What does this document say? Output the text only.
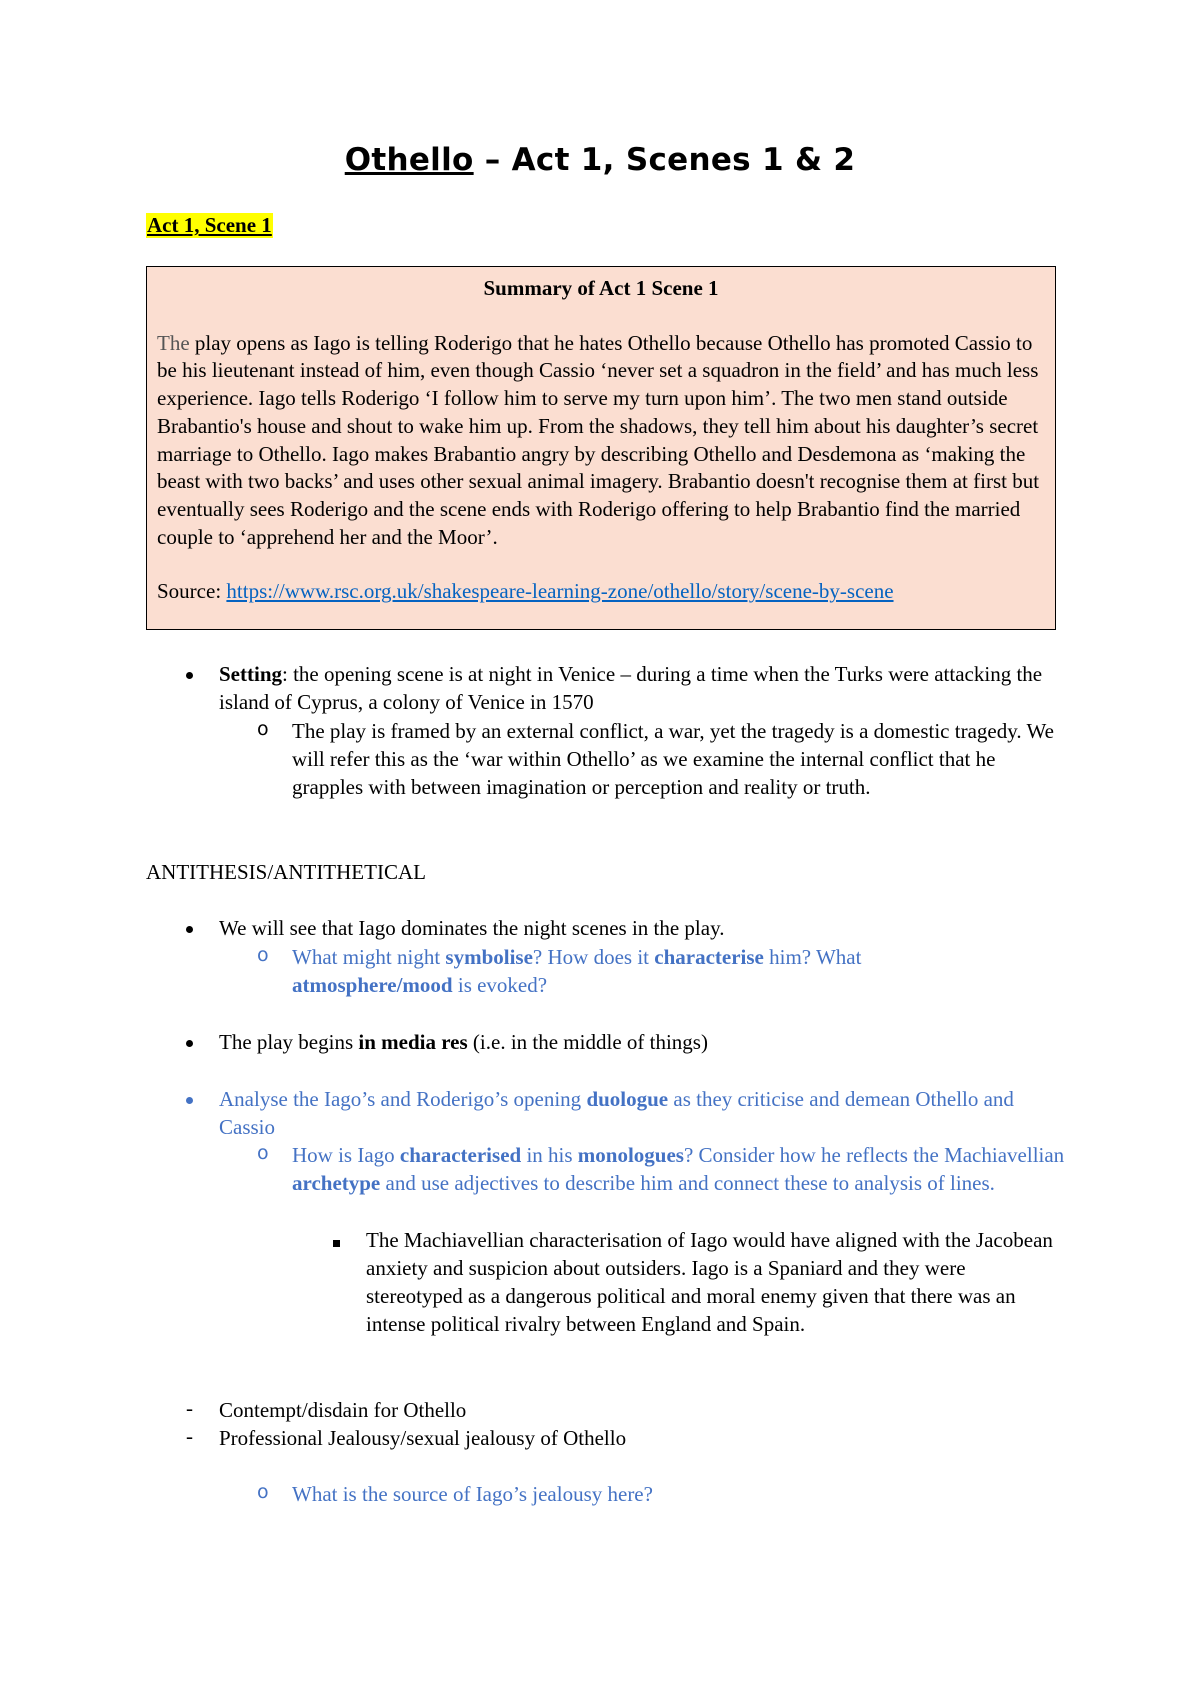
Othello – Act 1, Scenes 1 & 2
Act 1, Scene 1
Summary of Act 1 Scene 1
The play opens as Iago is telling Roderigo that he hates Othello because Othello has promoted Cassio to be his lieutenant instead of him, even though Cassio ‘never set a squadron in the field’ and has much less experience. Iago tells Roderigo ‘I follow him to serve my turn upon him’. The two men stand outside Brabantio's house and shout to wake him up. From the shadows, they tell him about his daughter’s secret marriage to Othello. Iago makes Brabantio angry by describing Othello and Desdemona as ‘making the beast with two backs’ and uses other sexual animal imagery. Brabantio doesn't recognise them at first but eventually sees Roderigo and the scene ends with Roderigo offering to help Brabantio find the married couple to ‘apprehend her and the Moor’.
Source: https://www.rsc.org.uk/shakespeare-learning-zone/othello/story/scene-by-scene
Setting: the opening scene is at night in Venice – during a time when the Turks were attacking the island of Cyprus, a colony of Venice in 1570
o The play is framed by an external conflict, a war, yet the tragedy is a domestic tragedy. We will refer this as the ‘war within Othello’ as we examine the internal conflict that he grapples with between imagination or perception and reality or truth.
ANTITHESIS/ANTITHETICAL
We will see that Iago dominates the night scenes in the play.
o What might night symbolise? How does it characterise him? What atmosphere/mood is evoked?
The play begins in media res (i.e. in the middle of things)
Analyse the Iago’s and Roderigo’s opening duologue as they criticise and demean Othello and Cassio
o How is Iago characterised in his monologues? Consider how he reflects the Machiavellian archetype and use adjectives to describe him and connect these to analysis of lines.
The Machiavellian characterisation of Iago would have aligned with the Jacobean anxiety and suspicion about outsiders. Iago is a Spaniard and they were stereotyped as a dangerous political and moral enemy given that there was an intense political rivalry between England and Spain.
- Contempt/disdain for Othello
- Professional Jealousy/sexual jealousy of Othello
o What is the source of Iago’s jealousy here?
